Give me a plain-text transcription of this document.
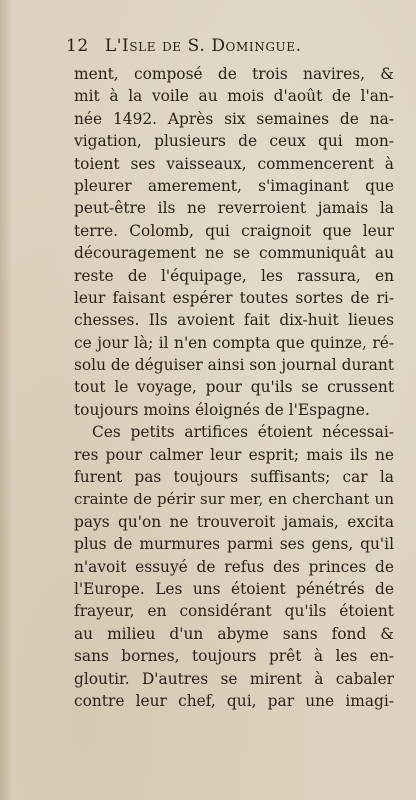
12 L'Isle de S. Domingue.
ment, composé de trois navires, &
mit à la voile au mois d'août de l'an-
née 1492. Après six semaines de na-
vigation, plusieurs de ceux qui mon-
toient ses vaisseaux, commencerent à
pleurer amerement, s'imaginant que
peut-être ils ne reverroient jamais la
terre. Colomb, qui craignoit que leur
découragement ne se communiquât au
reste de l'équipage, les rassura, en
leur faisant espérer toutes sortes de ri-
chesses. Ils avoient fait dix-huit lieues
ce jour là; il n'en compta que quinze, ré-
solu de déguiser ainsi son journal durant
tout le voyage, pour qu'ils se crussent
toujours moins éloignés de l'Espagne.
Ces petits artifices étoient nécessai-
res pour calmer leur esprit; mais ils ne
furent pas toujours suffisants; car la
crainte de périr sur mer, en cherchant un
pays qu'on ne trouveroit jamais, excita
plus de murmures parmi ses gens, qu'il
n'avoit essuyé de refus des princes de
l'Europe. Les uns étoient pénétrés de
frayeur, en considérant qu'ils étoient
au milieu d'un abyme sans fond &
sans bornes, toujours prêt à les en-
gloutir. D'autres se mirent à cabaler
contre leur chef, qui, par une imagi-
